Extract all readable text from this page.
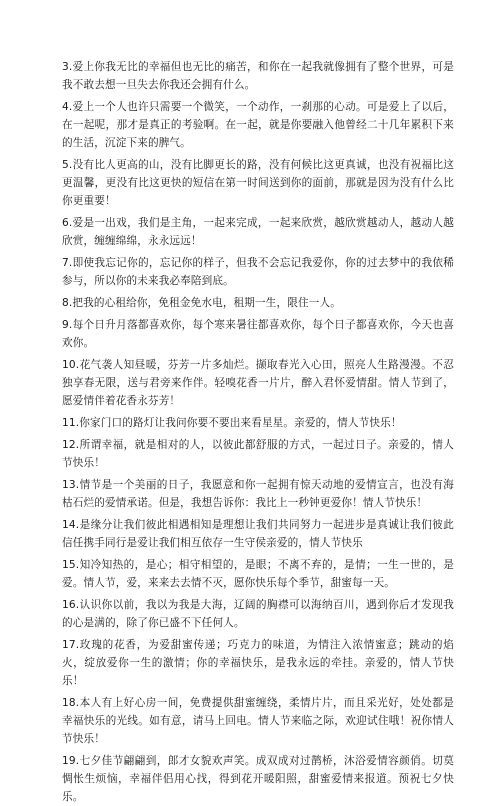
3.爱上你我无比的幸福但也无比的痛苦，和你在一起我就像拥有了整个世界，可是我不敢去想一旦失去你我还会拥有什么。

4.爱上一个人也许只需要一个微笑，一个动作，一刹那的心动。可是爱上了以后，在一起呢，那才是真正的考验啊。在一起，就是你要融入他曾经二十几年累积下来的生活，沉淀下来的脾气。

5.没有比人更高的山，没有比脚更长的路，没有何候比这更真诚，也没有祝福比这更温馨，更没有比这更快的短信在第一时间送到你的面前，那就是因为没有什么比你更重要！

6.爱是一出戏，我们是主角，一起来完成，一起来欣赏，越欣赏越动人，越动人越欣赏，缠缠绵绵，永永远远！

7.即使我忘记你的，忘记你的样子，但我不会忘记我爱你，你的过去梦中的我依稀参与，所以你的未来我必奉陪到底。

8.把我的心租给你，免租金免水电，租期一生，限住一人。

9.每个日升月落都喜欢你，每个寒来暑往都喜欢你，每个日子都喜欢你，今天也喜欢你。

10.花气袭人知昼暖，芬芳一片多灿烂。撷取春光入心田，照亮人生路漫漫。不忍独享春无限，送与君旁来作伴。轻嗅花香一片片，醉入君怀爱情甜。情人节到了，愿爱情伴着花香永芬芳！

11.你家门口的路灯让我问你要不要出来看星星。亲爱的，情人节快乐！

12.所谓幸福，就是相对的人，以彼此都舒服的方式，一起过日子。亲爱的，情人节快乐！

13.情节是一个美丽的日子，我愿意和你一起拥有惊天动地的爱情宣言，也没有海枯石烂的爱情承诺。但是，我想告诉你：我比上一秒钟更爱你！情人节快乐！

14.是缘分让我们彼此相遇相知是理想让我们共同努力一起进步是真诚让我们彼此信任携手同行是爱让我们相互依存一生守侯亲爱的，情人节快乐

15.知冷知热的，是心；相守相望的，是眼；不离不弃的，是情；一生一世的，是爱。情人节，爱，来来去去情不灭，愿你快乐每个季节，甜蜜每一天。

16.认识你以前，我以为我是大海，辽阔的胸襟可以海纳百川，遇到你后才发现我的心是满的，除了你已盛不下任何人。

17.玫瑰的花香，为爱甜蜜传递；巧克力的味道，为情注入浓情蜜意；跳动的焰火，绽放爱你一生的激情；你的幸福快乐，是我永远的牵挂。亲爱的，情人节快乐！

18.本人有上好心房一间，免费提供甜蜜缠绕，柔情片片，而且采光好，处处都是幸福快乐的光线。如有意，请马上回电。情人节来临之际，欢迎试住哦！祝你情人节快乐！

19.七夕佳节翩翩到，郎才女貌欢声笑。成双成对过鹊桥，沐浴爱情容颜俏。切莫惆怅生烦恼，幸福伴侣用心找，得到花开暖阳照，甜蜜爱情来报道。预祝七夕快乐。
